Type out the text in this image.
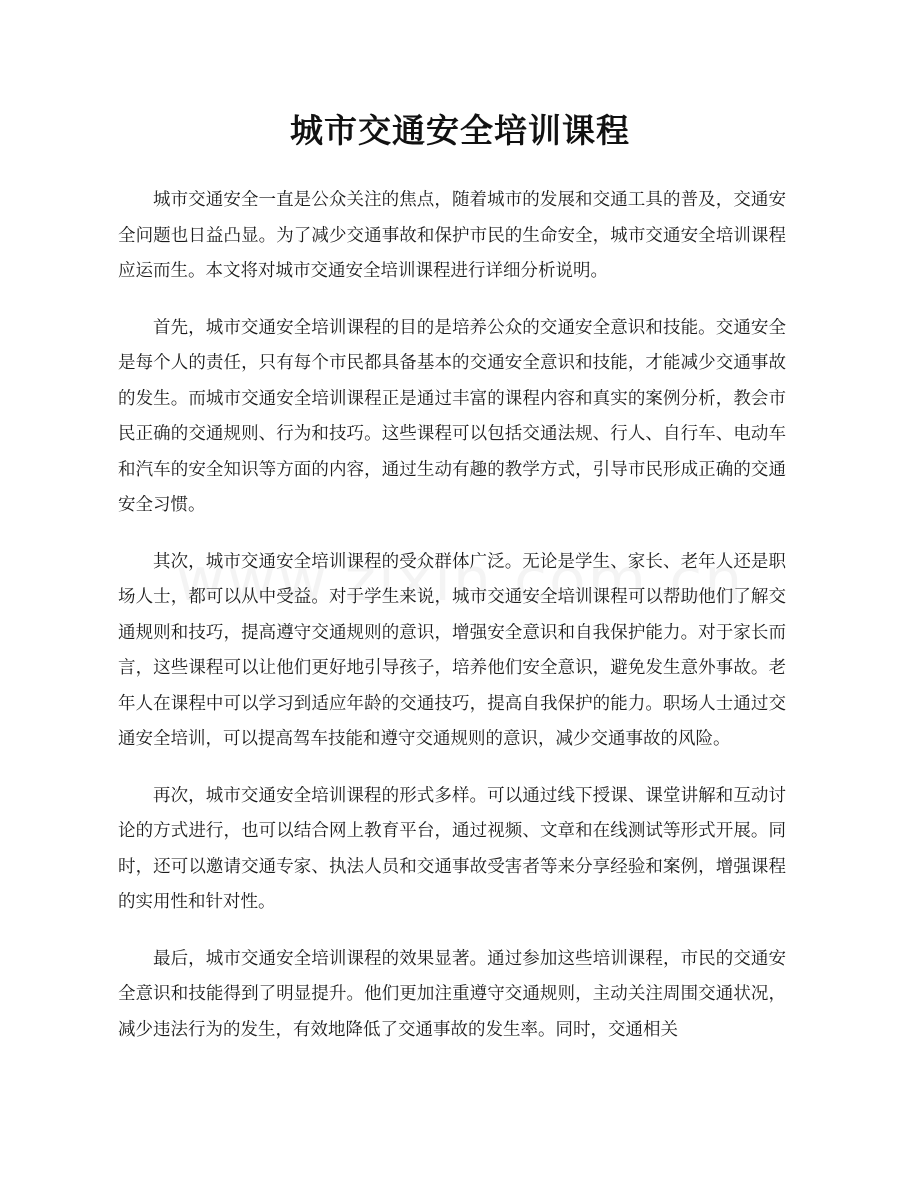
城市交通安全培训课程

城市交通安全一直是公众关注的焦点，随着城市的发展和交通工具的普及，交通安全问题也日益凸显。为了减少交通事故和保护市民的生命安全，城市交通安全培训课程应运而生。本文将对城市交通安全培训课程进行详细分析说明。

首先，城市交通安全培训课程的目的是培养公众的交通安全意识和技能。交通安全是每个人的责任，只有每个市民都具备基本的交通安全意识和技能，才能减少交通事故的发生。而城市交通安全培训课程正是通过丰富的课程内容和真实的案例分析，教会市民正确的交通规则、行为和技巧。这些课程可以包括交通法规、行人、自行车、电动车和汽车的安全知识等方面的内容，通过生动有趣的教学方式，引导市民形成正确的交通安全习惯。

其次，城市交通安全培训课程的受众群体广泛。无论是学生、家长、老年人还是职场人士，都可以从中受益。对于学生来说，城市交通安全培训课程可以帮助他们了解交通规则和技巧，提高遵守交通规则的意识，增强安全意识和自我保护能力。对于家长而言，这些课程可以让他们更好地引导孩子，培养他们安全意识，避免发生意外事故。老年人在课程中可以学习到适应年龄的交通技巧，提高自我保护的能力。职场人士通过交通安全培训，可以提高驾车技能和遵守交通规则的意识，减少交通事故的风险。

再次，城市交通安全培训课程的形式多样。可以通过线下授课、课堂讲解和互动讨论的方式进行，也可以结合网上教育平台，通过视频、文章和在线测试等形式开展。同时，还可以邀请交通专家、执法人员和交通事故受害者等来分享经验和案例，增强课程的实用性和针对性。

最后，城市交通安全培训课程的效果显著。通过参加这些培训课程，市民的交通安全意识和技能得到了明显提升。他们更加注重遵守交通规则，主动关注周围交通状况，减少违法行为的发生，有效地降低了交通事故的发生率。同时，交通相关
